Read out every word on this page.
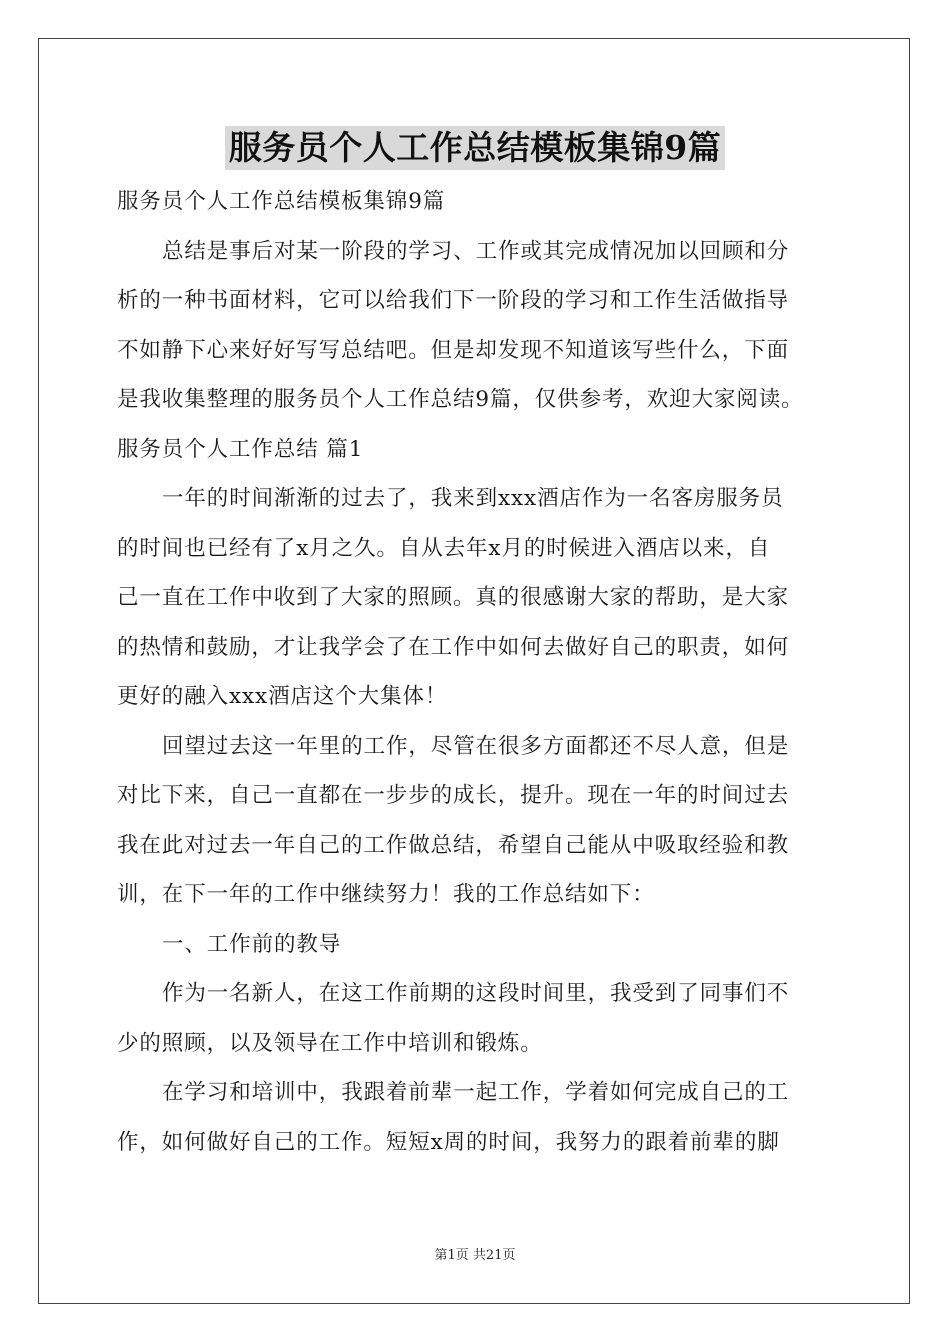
服务员个人工作总结模板集锦9篇
服务员个人工作总结模板集锦9篇
总结是事后对某一阶段的学习、工作或其完成情况加以回顾和分
析的一种书面材料，它可以给我们下一阶段的学习和工作生活做指导
不如静下心来好好写写总结吧。但是却发现不知道该写些什么，下面
是我收集整理的服务员个人工作总结9篇，仅供参考，欢迎大家阅读。
服务员个人工作总结 篇1
一年的时间渐渐的过去了，我来到xxx酒店作为一名客房服务员
的时间也已经有了x月之久。自从去年x月的时候进入酒店以来，自
己一直在工作中收到了大家的照顾。真的很感谢大家的帮助，是大家
的热情和鼓励，才让我学会了在工作中如何去做好自己的职责，如何
更好的融入xxx酒店这个大集体！
回望过去这一年里的工作，尽管在很多方面都还不尽人意，但是
对比下来，自己一直都在一步步的成长，提升。现在一年的时间过去
我在此对过去一年自己的工作做总结，希望自己能从中吸取经验和教
训，在下一年的工作中继续努力！我的工作总结如下：
一、工作前的教导
作为一名新人，在这工作前期的这段时间里，我受到了同事们不
少的照顾，以及领导在工作中培训和锻炼。
在学习和培训中，我跟着前辈一起工作，学着如何完成自己的工
作，如何做好自己的工作。短短x周的时间，我努力的跟着前辈的脚
第1页 共21页
